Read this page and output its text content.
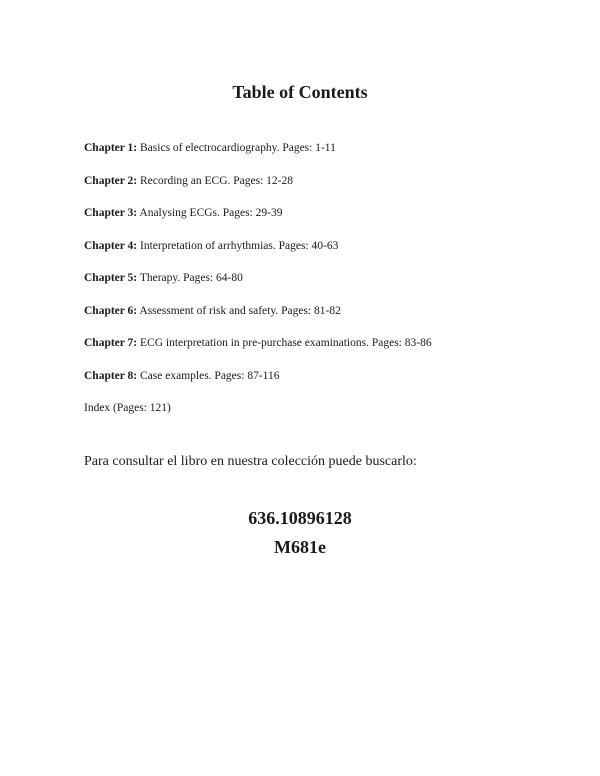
Table of Contents
Chapter 1: Basics of electrocardiography. Pages: 1-11
Chapter 2: Recording an ECG. Pages: 12-28
Chapter 3: Analysing ECGs. Pages: 29-39
Chapter 4: Interpretation of arrhythmias. Pages: 40-63
Chapter 5: Therapy. Pages: 64-80
Chapter 6: Assessment of risk and safety. Pages: 81-82
Chapter 7: ECG interpretation in pre-purchase examinations. Pages: 83-86
Chapter 8: Case examples. Pages: 87-116

Index (Pages: 121)

Para consultar el libro en nuestra colección puede buscarlo:

636.10896128

M681e
